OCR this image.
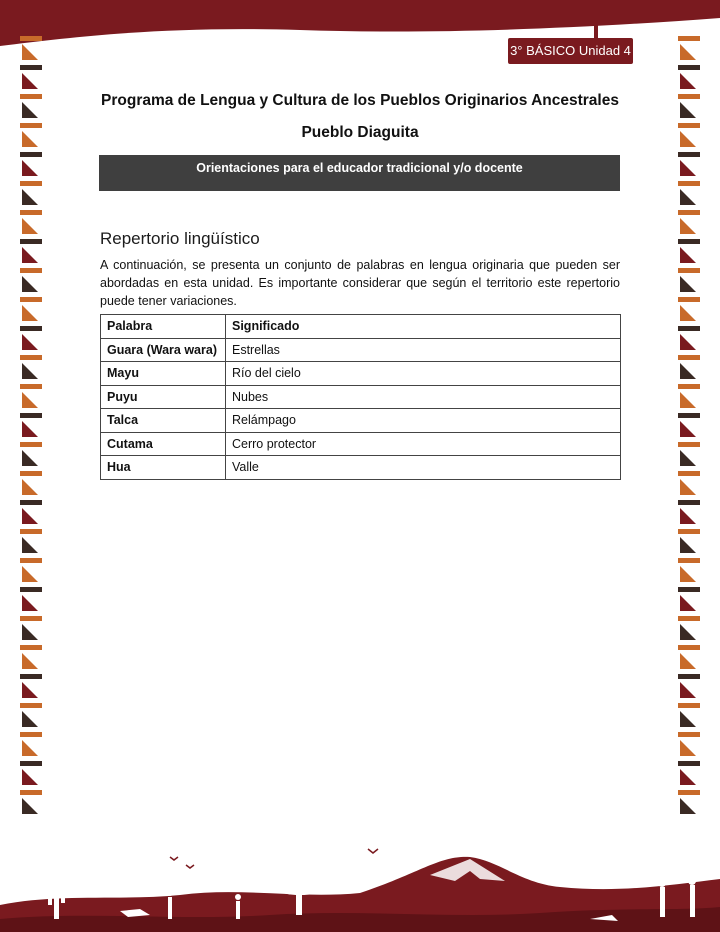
3° BÁSICO Unidad 4
Programa de Lengua y Cultura de los Pueblos Originarios Ancestrales
Pueblo Diaguita
Orientaciones para el educador tradicional y/o docente
Repertorio lingüístico

A continuación, se presenta un conjunto de palabras en lengua originaria que pueden ser abordadas en esta unidad. Es importante considerar que según el territorio este repertorio puede tener variaciones.

Palabra	Significado
Guara (Wara wara)	Estrellas
Mayu	Río del cielo
Puyu	Nubes
Talca	Relámpago
Cutama	Cerro protector
Hua	Valle
